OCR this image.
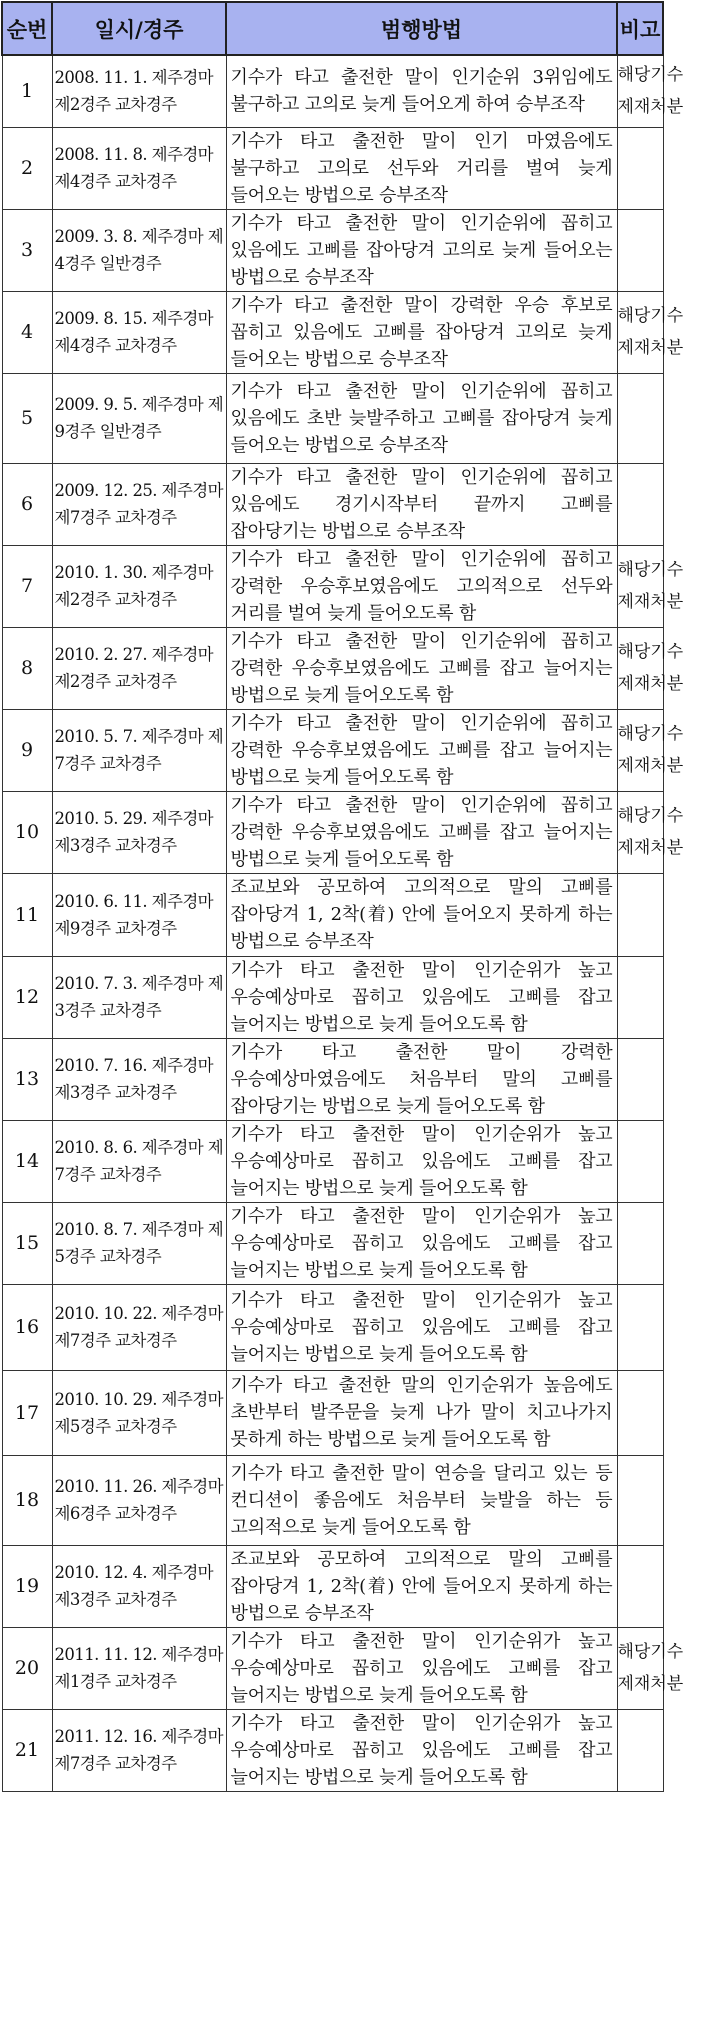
순번	일시/경주	범행방법	비고
1	2008. 11. 1. 제주경마 제2경주 교차경주	기수가 타고 출전한 말이 인기순위 3위임에도 불구하고 고의로 늦게 들어오게 하여 승부조작	해당기수 제재처분
2	2008. 11. 8. 제주경마 제4경주 교차경주	기수가 타고 출전한 말이 인기 마였음에도 불구하고 고의로 선두와 거리를 벌여 늦게 들어오는 방법으로 승부조작	
3	2009. 3. 8. 제주경마 제4경주 일반경주	기수가 타고 출전한 말이 인기순위에 꼽히고 있음에도 고삐를 잡아당겨 고의로 늦게 들어오는 방법으로 승부조작	
4	2009. 8. 15. 제주경마 제4경주 교차경주	기수가 타고 출전한 말이 강력한 우승 후보로 꼽히고 있음에도 고삐를 잡아당겨 고의로 늦게 들어오는 방법으로 승부조작	해당기수 제재처분
5	2009. 9. 5. 제주경마 제9경주 일반경주	기수가 타고 출전한 말이 인기순위에 꼽히고 있음에도 초반 늦발주하고 고삐를 잡아당겨 늦게 들어오는 방법으로 승부조작	
6	2009. 12. 25. 제주경마 제7경주 교차경주	기수가 타고 출전한 말이 인기순위에 꼽히고 있음에도 경기시작부터 끝까지 고삐를 잡아당기는 방법으로 승부조작	
7	2010. 1. 30. 제주경마 제2경주 교차경주	기수가 타고 출전한 말이 인기순위에 꼽히고 강력한 우승후보였음에도 고의적으로 선두와 거리를 벌여 늦게 들어오도록 함	해당기수 제재처분
8	2010. 2. 27. 제주경마 제2경주 교차경주	기수가 타고 출전한 말이 인기순위에 꼽히고 강력한 우승후보였음에도 고삐를 잡고 늘어지는 방법으로 늦게 들어오도록 함	해당기수 제재처분
9	2010. 5. 7. 제주경마 제7경주 교차경주	기수가 타고 출전한 말이 인기순위에 꼽히고 강력한 우승후보였음에도 고삐를 잡고 늘어지는 방법으로 늦게 들어오도록 함	해당기수 제재처분
10	2010. 5. 29. 제주경마 제3경주 교차경주	기수가 타고 출전한 말이 인기순위에 꼽히고 강력한 우승후보였음에도 고삐를 잡고 늘어지는 방법으로 늦게 들어오도록 함	해당기수 제재처분
11	2010. 6. 11. 제주경마 제9경주 교차경주	조교보와 공모하여 고의적으로 말의 고삐를 잡아당겨 1, 2착(着) 안에 들어오지 못하게 하는 방법으로 승부조작	
12	2010. 7. 3. 제주경마 제3경주 교차경주	기수가 타고 출전한 말이 인기순위가 높고 우승예상마로 꼽히고 있음에도 고삐를 잡고 늘어지는 방법으로 늦게 들어오도록 함	
13	2010. 7. 16. 제주경마 제3경주 교차경주	기수가 타고 출전한 말이 강력한 우승예상마였음에도 처음부터 말의 고삐를 잡아당기는 방법으로 늦게 들어오도록 함	
14	2010. 8. 6. 제주경마 제7경주 교차경주	기수가 타고 출전한 말이 인기순위가 높고 우승예상마로 꼽히고 있음에도 고삐를 잡고 늘어지는 방법으로 늦게 들어오도록 함	
15	2010. 8. 7. 제주경마 제5경주 교차경주	기수가 타고 출전한 말이 인기순위가 높고 우승예상마로 꼽히고 있음에도 고삐를 잡고 늘어지는 방법으로 늦게 들어오도록 함	
16	2010. 10. 22. 제주경마 제7경주 교차경주	기수가 타고 출전한 말이 인기순위가 높고 우승예상마로 꼽히고 있음에도 고삐를 잡고 늘어지는 방법으로 늦게 들어오도록 함	
17	2010. 10. 29. 제주경마 제5경주 교차경주	기수가 타고 출전한 말의 인기순위가 높음에도 초반부터 발주문을 늦게 나가 말이 치고나가지 못하게 하는 방법으로 늦게 들어오도록 함	
18	2010. 11. 26. 제주경마 제6경주 교차경주	기수가 타고 출전한 말이 연승을 달리고 있는 등 컨디션이 좋음에도 처음부터 늦발을 하는 등 고의적으로 늦게 들어오도록 함	
19	2010. 12. 4. 제주경마 제3경주 교차경주	조교보와 공모하여 고의적으로 말의 고삐를 잡아당겨 1, 2착(着) 안에 들어오지 못하게 하는 방법으로 승부조작	
20	2011. 11. 12. 제주경마 제1경주 교차경주	기수가 타고 출전한 말이 인기순위가 높고 우승예상마로 꼽히고 있음에도 고삐를 잡고 늘어지는 방법으로 늦게 들어오도록 함	해당기수 제재처분
21	2011. 12. 16. 제주경마 제7경주 교차경주	기수가 타고 출전한 말이 인기순위가 높고 우승예상마로 꼽히고 있음에도 고삐를 잡고 늘어지는 방법으로 늦게 들어오도록 함	
